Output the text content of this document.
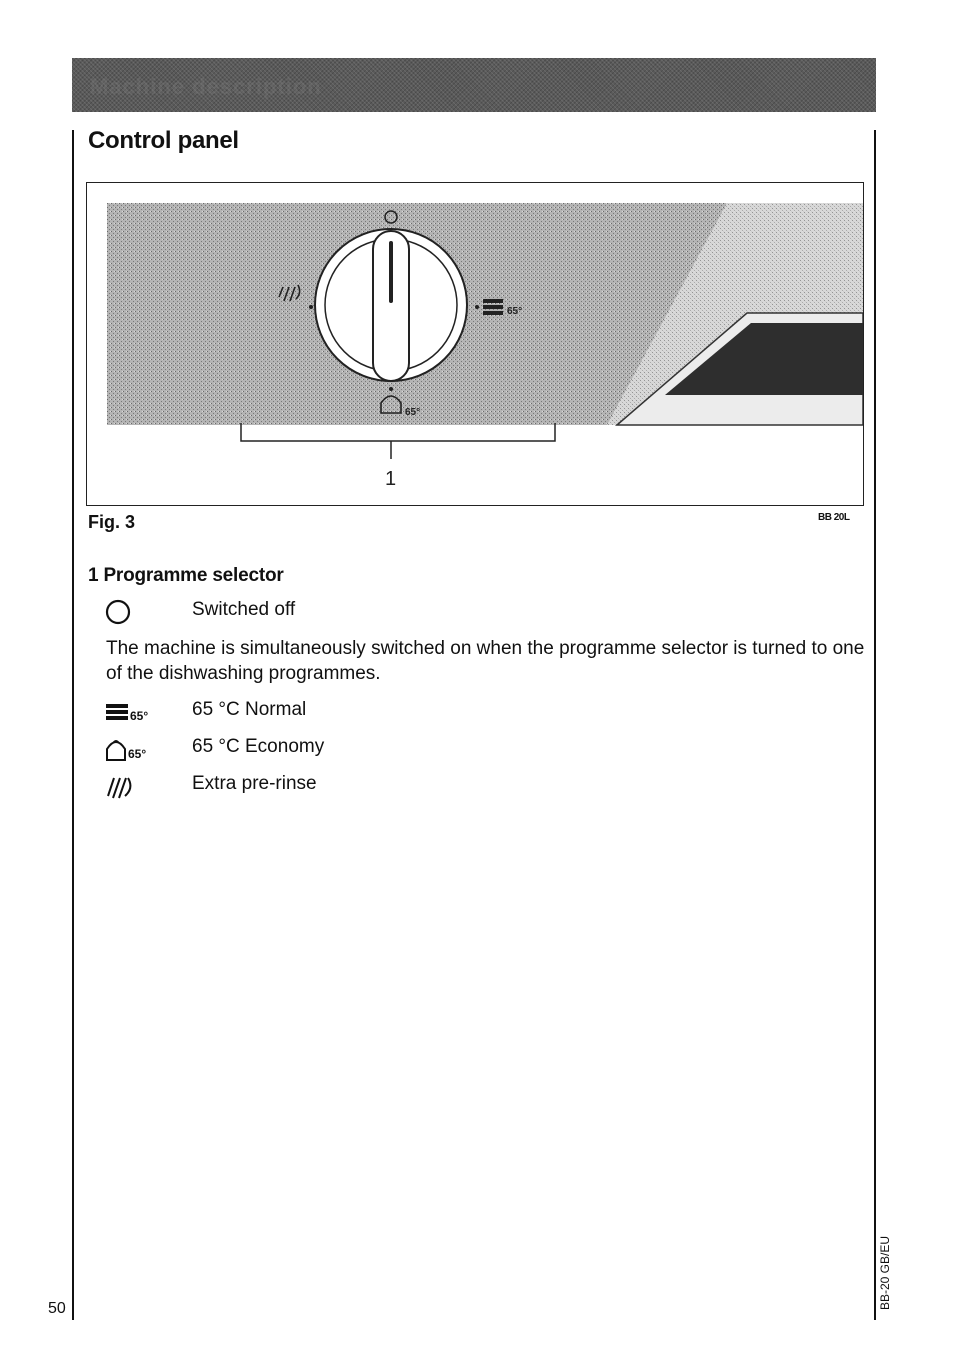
Machine description
Control panel
65°
65°
1
Fig. 3	BB 20L
1 Programme selector
Switched off
The machine is simultaneously switched on when the programme selector is turned to one of the dishwashing programmes.
65° 65 °C Normal
65° 65 °C Economy
Extra pre-rinse
50	BB-20 GB/EU
